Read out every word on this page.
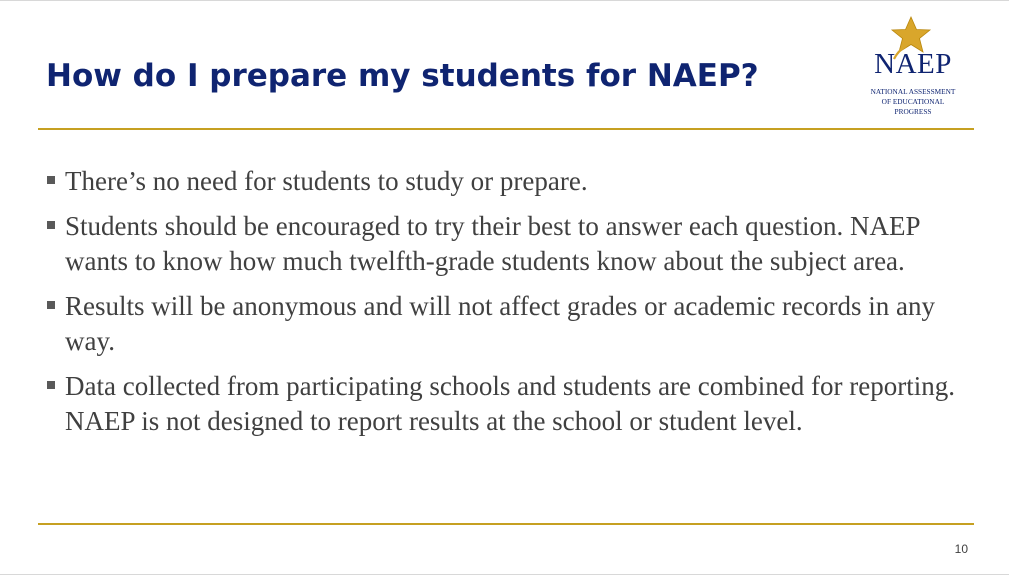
How do I prepare my students for NAEP?	NAEP
NATIONAL ASSESSMENT
OF EDUCATIONAL
PROGRESS
There’s no need for students to study or prepare.
Students should be encouraged to try their best to answer each question. NAEP wants to know how much twelfth-grade students know about the subject area.
Results will be anonymous and will not affect grades or academic records in any way.
Data collected from participating schools and students are combined for reporting. NAEP is not designed to report results at the school or student level.
10
